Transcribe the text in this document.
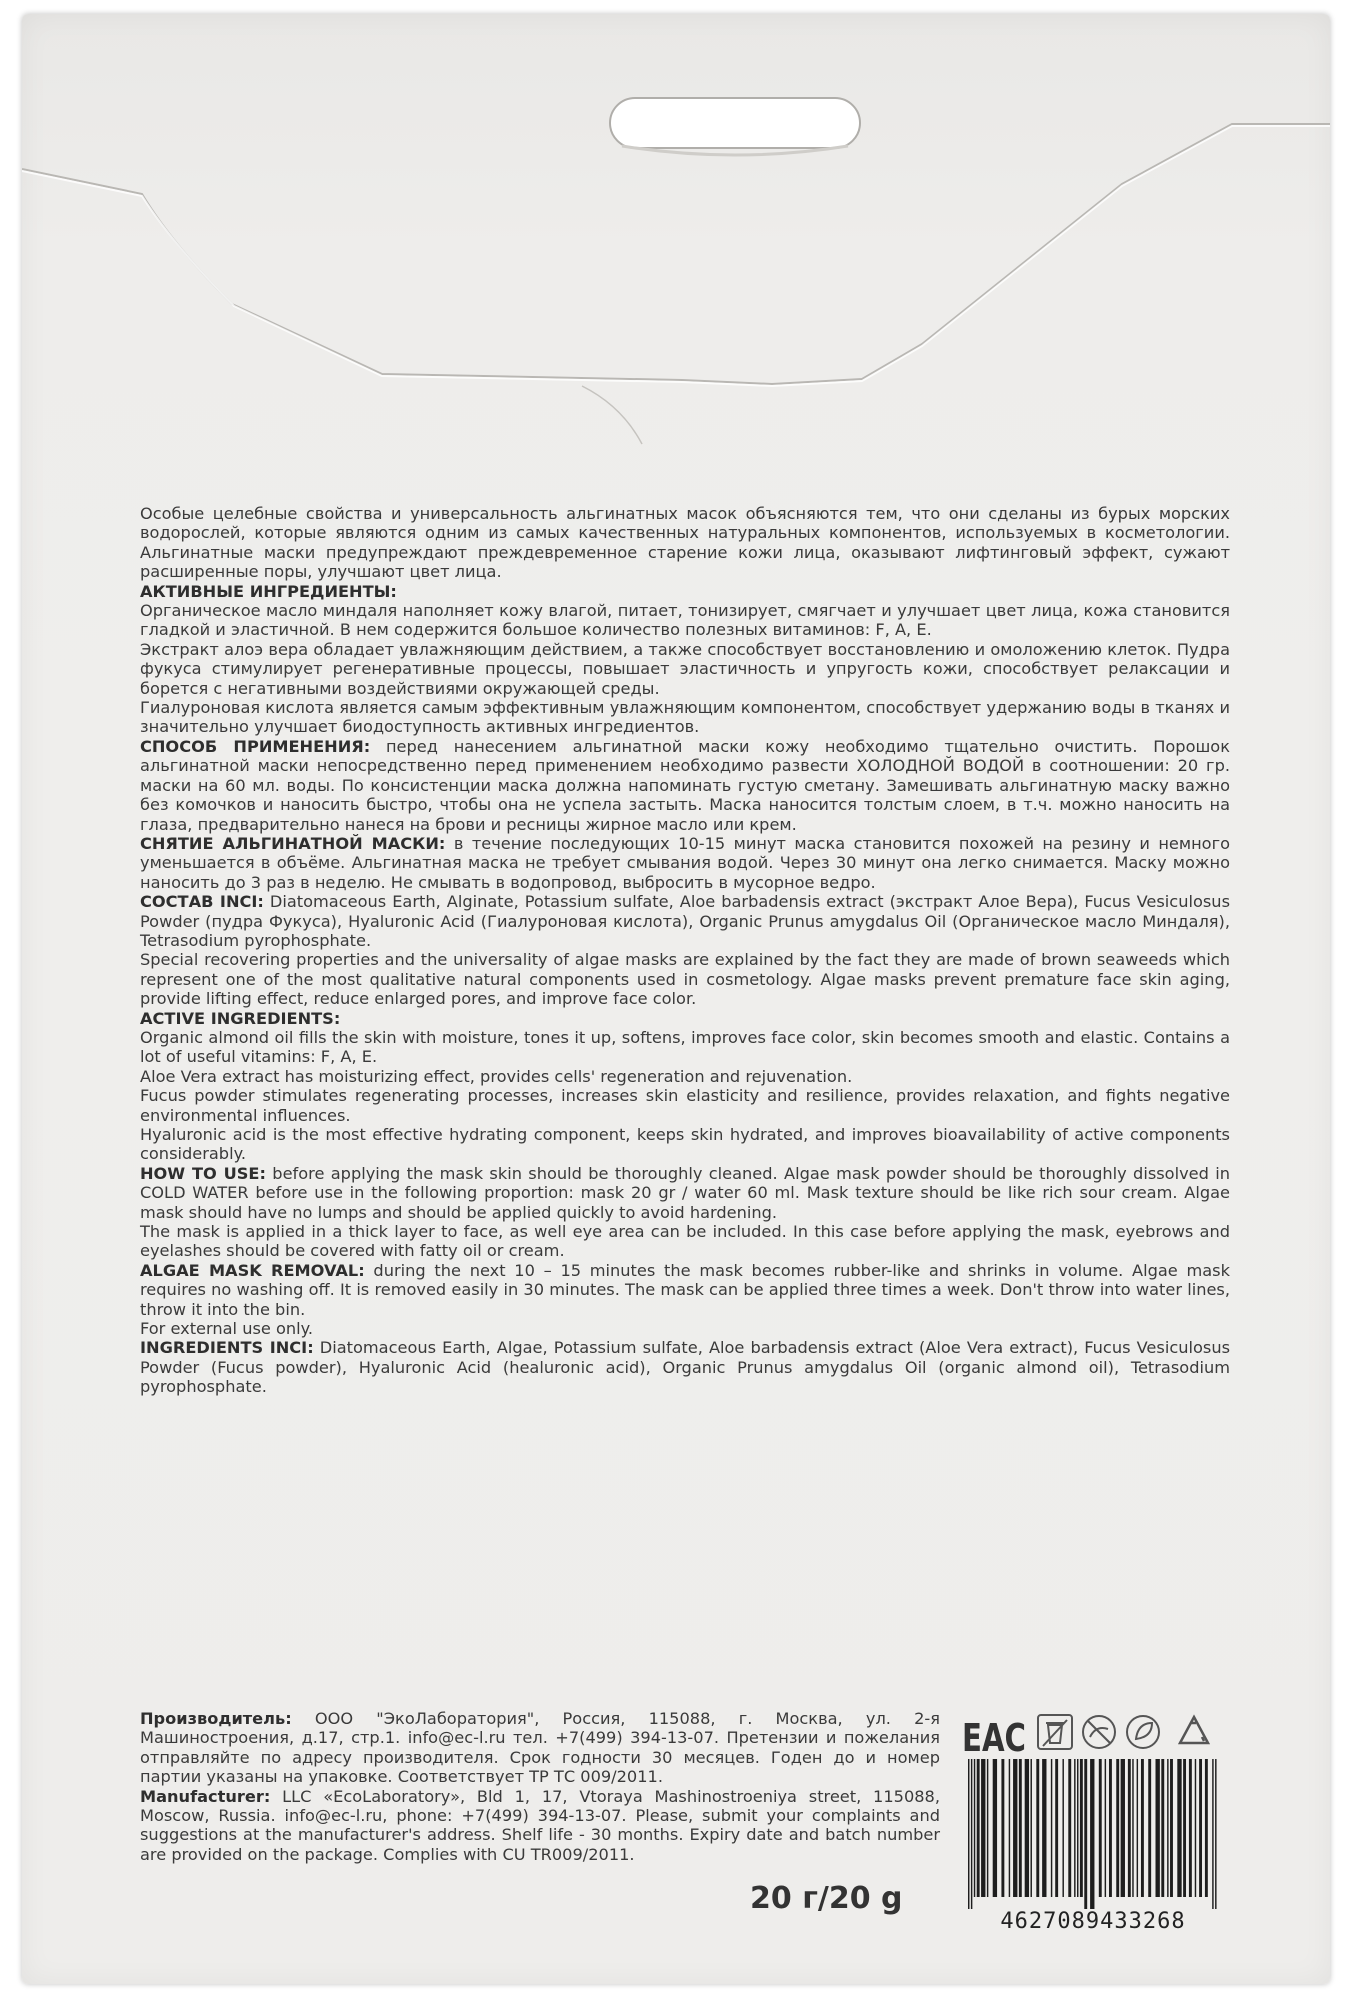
Особые целебные свойства и универсальность альгинатных масок объясняются тем, что они сделаны из бурых морских водорослей, которые являются одним из самых качественных натуральных компонентов, используемых в косметологии. Альгинатные маски предупреждают преждевременное старение кожи лица, оказывают лифтинговый эффект, сужают расширенные поры, улучшают цвет лица.

АКТИВНЫЕ ИНГРЕДИЕНТЫ:

Органическое масло миндаля наполняет кожу влагой, питает, тонизирует, смягчает и улучшает цвет лица, кожа становится гладкой и эластичной. В нем содержится большое количество полезных витаминов: F, A, E.

Экстракт алоэ вера обладает увлажняющим действием, а также способствует восстановлению и омоложению клеток. Пудра фукуса стимулирует регенеративные процессы, повышает эластичность и упругость кожи, способствует релаксации и борется с негативными воздействиями окружающей среды.

Гиалуроновая кислота является самым эффективным увлажняющим компонентом, способствует удержанию воды в тканях и значительно улучшает биодоступность активных ингредиентов.

СПОСОБ ПРИМЕНЕНИЯ: перед нанесением альгинатной маски кожу необходимо тщательно очистить. Порошок альгинатной маски непосредственно перед применением необходимо развести ХОЛОДНОЙ ВОДОЙ в соотношении: 20 гр. маски на 60 мл. воды. По консистенции маска должна напоминать густую сметану. Замешивать альгинатную маску важно без комочков и наносить быстро, чтобы она не успела застыть. Маска наносится толстым слоем, в т.ч. можно наносить на глаза, предварительно нанеся на брови и ресницы жирное масло или крем.

СНЯТИЕ АЛЬГИНАТНОЙ МАСКИ: в течение последующих 10-15 минут маска становится похожей на резину и немного уменьшается в объёме. Альгинатная маска не требует смывания водой. Через 30 минут она легко снимается. Маску можно наносить до 3 раз в неделю. Не смывать в водопровод, выбросить в мусорное ведро.

СОСТАВ INCI: Diatomaceous Earth, Alginate, Potassium sulfate, Aloe barbadensis extract (экстракт Алое Вера), Fucus Vesiculosus Powder (пудра Фукуса), Hyaluronic Acid (Гиалуроновая кислота), Organic Prunus amygdalus Oil (Органическое масло Миндаля), Tetrasodium pyrophosphate.

Special recovering properties and the universality of algae masks are explained by the fact they are made of brown seaweeds which represent one of the most qualitative natural components used in cosmetology. Algae masks prevent premature face skin aging, provide lifting effect, reduce enlarged pores, and improve face color.

ACTIVE INGREDIENTS:

Organic almond oil fills the skin with moisture, tones it up, softens, improves face color, skin becomes smooth and elastic. Contains a lot of useful vitamins: F, A, E.

Aloe Vera extract has moisturizing effect, provides cells' regeneration and rejuvenation.

Fucus powder stimulates regenerating processes, increases skin elasticity and resilience, provides relaxation, and fights negative environmental influences.

Hyaluronic acid is the most effective hydrating component, keeps skin hydrated, and improves bioavailability of active components considerably.

HOW TO USE: before applying the mask skin should be thoroughly cleaned. Algae mask powder should be thoroughly dissolved in COLD WATER before use in the following proportion: mask 20 gr / water 60 ml. Mask texture should be like rich sour cream. Algae mask should have no lumps and should be applied quickly to avoid hardening.

The mask is applied in a thick layer to face, as well eye area can be included. In this case before applying the mask, eyebrows and eyelashes should be covered with fatty oil or cream.

ALGAE MASK REMOVAL: during the next 10 – 15 minutes the mask becomes rubber-like and shrinks in volume. Algae mask requires no washing off. It is removed easily in 30 minutes. The mask can be applied three times a week. Don't throw into water lines, throw it into the bin.

For external use only.

INGREDIENTS INCI: Diatomaceous Earth, Algae, Potassium sulfate, Aloe barbadensis extract (Aloe Vera extract), Fucus Vesiculosus Powder (Fucus powder), Hyaluronic Acid (healuronic acid), Organic Prunus amygdalus Oil (organic almond oil), Tetrasodium pyrophosphate.

Производитель: ООО "ЭкоЛаборатория", Россия, 115088, г. Москва, ул. 2-я Машиностроения, д.17, стр.1. info@ec-l.ru тел. +7(499) 394-13-07. Претензии и пожелания отправляйте по адресу производителя. Срок годности 30 месяцев. Годен до и номер партии указаны на упаковке. Соответствует ТР ТС 009/2011.

Manufacturer: LLC «EcoLaboratory», Bld 1, 17, Vtoraya Mashinostroeniya street, 115088, Moscow, Russia. info@ec-l.ru, phone: +7(499) 394-13-07. Please, submit your complaints and suggestions at the manufacturer's address. Shelf life - 30 months. Expiry date and batch number are provided on the package. Complies with CU TR009/2011.

20 г/20 g
EAC
4627089433268
